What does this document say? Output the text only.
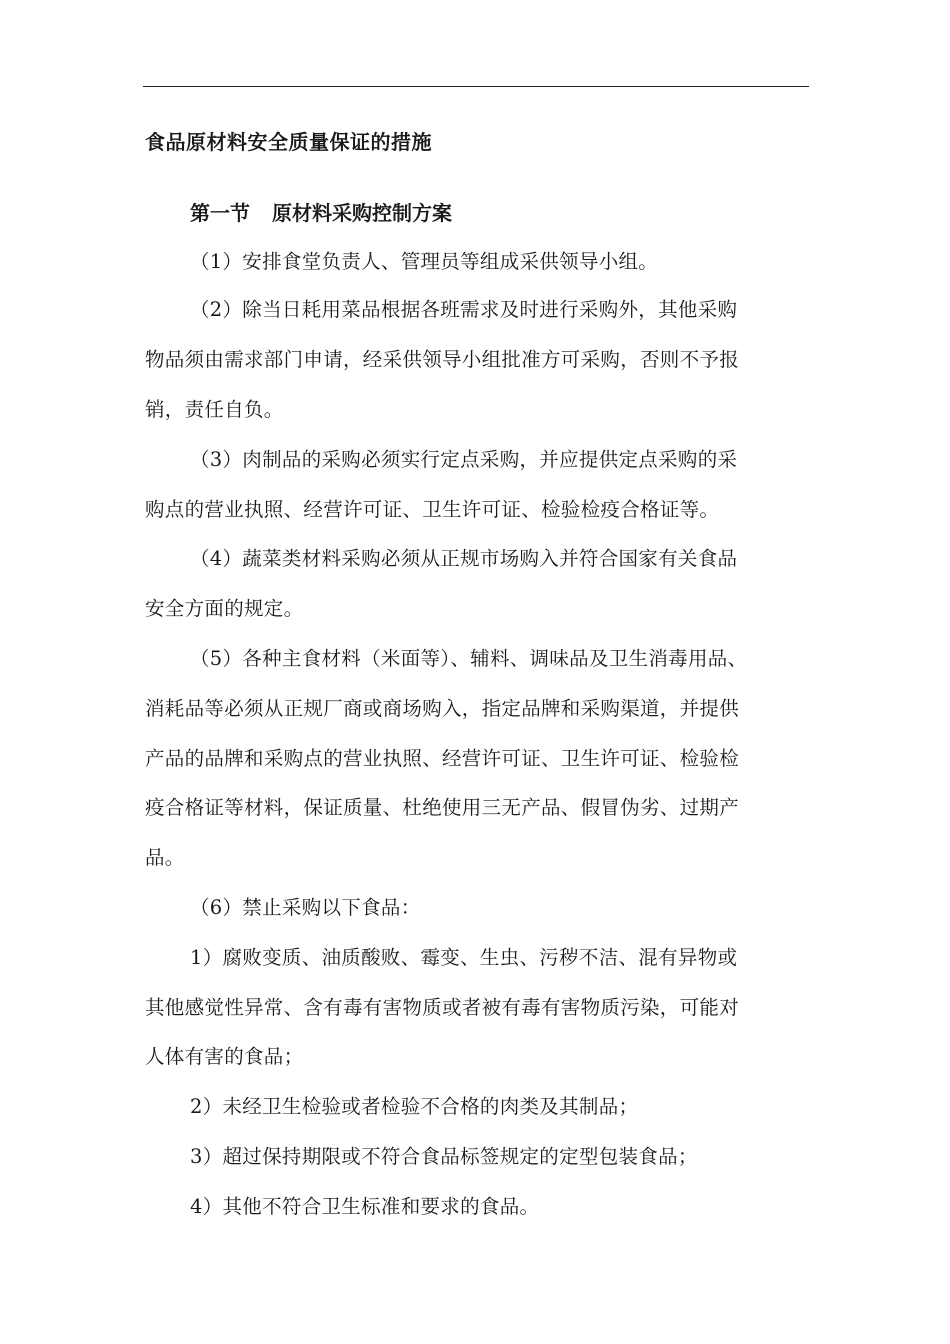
食品原材料安全质量保证的措施
第一节 原材料采购控制方案
（1）安排食堂负责人、管理员等组成采供领导小组。
（2）除当日耗用菜品根据各班需求及时进行采购外，其他采购
物品须由需求部门申请，经采供领导小组批准方可采购，否则不予报
销，责任自负。
（3）肉制品的采购必须实行定点采购，并应提供定点采购的采
购点的营业执照、经营许可证、卫生许可证、检验检疫合格证等。
（4）蔬菜类材料采购必须从正规市场购入并符合国家有关食品
安全方面的规定。
（5）各种主食材料（米面等）、辅料、调味品及卫生消毒用品、
消耗品等必须从正规厂商或商场购入，指定品牌和采购渠道，并提供
产品的品牌和采购点的营业执照、经营许可证、卫生许可证、检验检
疫合格证等材料，保证质量、杜绝使用三无产品、假冒伪劣、过期产
品。
（6）禁止采购以下食品：
1）腐败变质、油质酸败、霉变、生虫、污秽不洁、混有异物或
其他感觉性异常、含有毒有害物质或者被有毒有害物质污染，可能对
人体有害的食品；
2）未经卫生检验或者检验不合格的肉类及其制品；
3）超过保持期限或不符合食品标签规定的定型包装食品；
4）其他不符合卫生标准和要求的食品。
